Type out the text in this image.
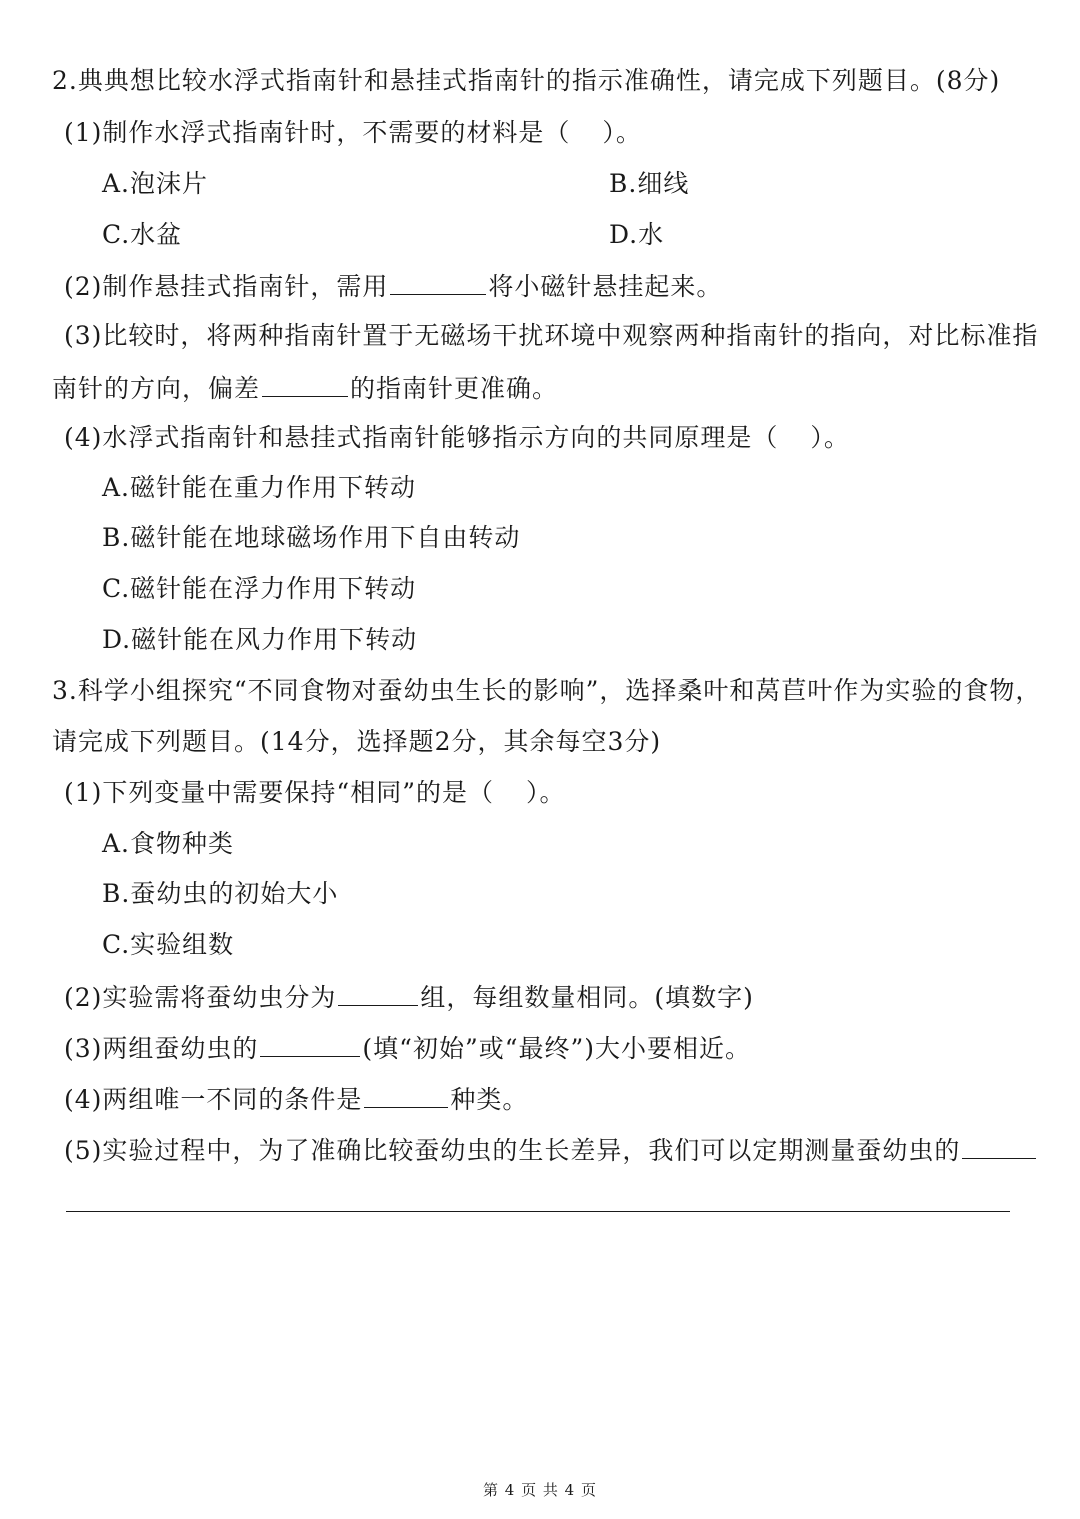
2.典典想比较水浮式指南针和悬挂式指南针的指示准确性，请完成下列题目。(8分)
(1)制作水浮式指南针时，不需要的材料是（ ）。
A.泡沫片	B.细线
C.水盆	D.水
(2)制作悬挂式指南针，需用	将小磁针悬挂起来。
(3)比较时，将两种指南针置于无磁场干扰环境中观察两种指南针的指向，对比标准指
南针的方向，偏差	的指南针更准确。
(4)水浮式指南针和悬挂式指南针能够指示方向的共同原理是（ ）。
A.磁针能在重力作用下转动
B.磁针能在地球磁场作用下自由转动
C.磁针能在浮力作用下转动
D.磁针能在风力作用下转动
3.科学小组探究“不同食物对蚕幼虫生长的影响”，选择桑叶和莴苣叶作为实验的食物，
请完成下列题目。(14分，选择题2分，其余每空3分)
(1)下列变量中需要保持“相同”的是（ ）。
A.食物种类
B.蚕幼虫的初始大小
C.实验组数
(2)实验需将蚕幼虫分为	组，每组数量相同。(填数字)
(3)两组蚕幼虫的	(填“初始”或“最终”)大小要相近。
(4)两组唯一不同的条件是	种类。
(5)实验过程中，为了准确比较蚕幼虫的生长差异，我们可以定期测量蚕幼虫的
第 4 页 共 4 页
